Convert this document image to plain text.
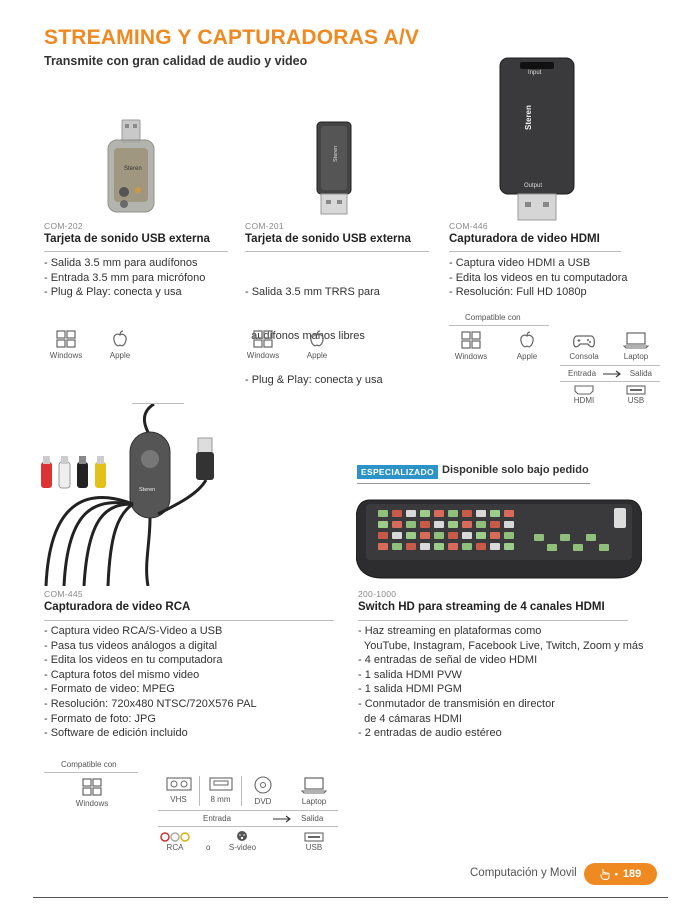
STREAMING Y CAPTURADORAS A/V
Transmite con gran calidad de audio y video
Steren
COM-202
Tarjeta de sonido USB externa
- Salida 3.5 mm para audífonos
- Entrada 3.5 mm para micrófono
- Plug & Play: conecta y usa
Windows	Apple
Steren
COM-201
Tarjeta de sonido USB externa

- Salida 3.5 mm TRRS para

audífonos manos libres

- Plug & Play: conecta y usa

Windows	Apple
Input
Output
Steren
COM-446
Capturadora de video HDMI
- Captura video HDMI a USB
- Edita los videos en tu computadora
- Resolución: Full HD 1080p
Compatible con
Windows	Apple	Consola	Laptop
Entrada	Salida
HDMI	USB
Steren
COM-445
Capturadora de video RCA
- Captura video RCA/S-Video a USB
- Pasa tus videos análogos a digital
- Edita los videos en tu computadora
- Captura fotos del mismo video
- Formato de video: MPEG
- Resolución: 720x480 NTSC/720X576 PAL
- Formato de foto: JPG
- Software de edición incluido
Compatible con
Windows	VHS	8 mm	DVD	Laptop
Entrada	Salida
RCA	o S-video	USB
ESPECIALIZADO Disponible solo bajo pedido
200-1000
Switch HD para streaming de 4 canales HDMI
- Haz streaming en plataformas como
YouTube, Instagram, Facebook Live, Twitch, Zoom y más
- 4 entradas de señal de video HDMI
- 1 salida HDMI PVW
- 1 salida HDMI PGM
- Conmutador de transmisión en director
de 4 cámaras HDMI
- 2 entradas de audio estéreo
Computación y Movil	• 189
